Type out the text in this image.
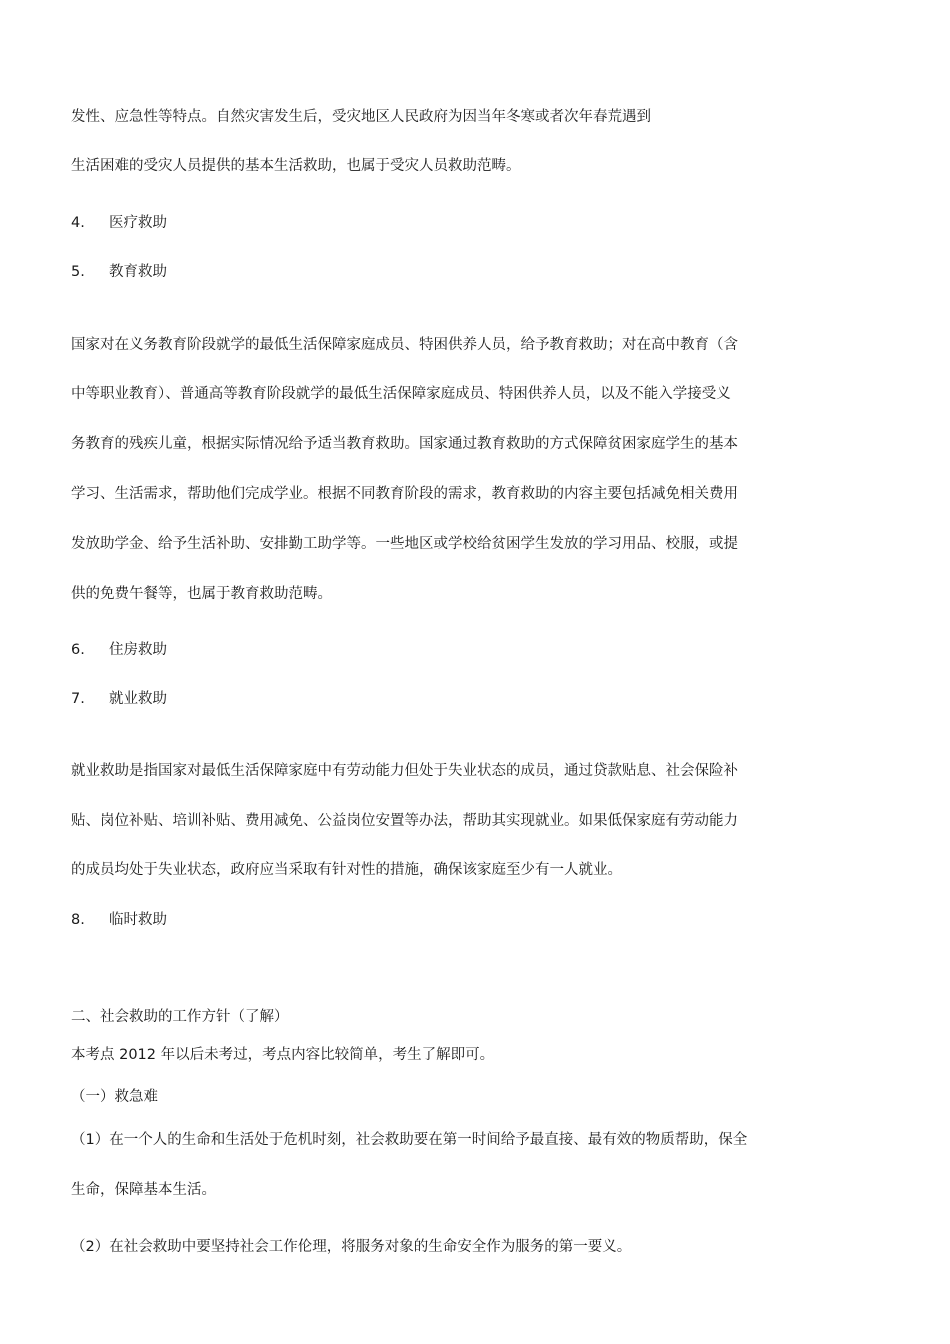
发性、应急性等特点。自然灾害发生后，受灾地区人民政府为因当年冬寒或者次年春荒遇到
生活困难的受灾人员提供的基本生活救助，也属于受灾人员救助范畴。
4. 医疗救助
5. 教育救助
国家对在义务教育阶段就学的最低生活保障家庭成员、特困供养人员，给予教育救助；对在高中教育（含
中等职业教育）、普通高等教育阶段就学的最低生活保障家庭成员、特困供养人员，以及不能入学接受义
务教育的残疾儿童，根据实际情况给予适当教育救助。国家通过教育救助的方式保障贫困家庭学生的基本
学习、生活需求，帮助他们完成学业。根据不同教育阶段的需求，教育救助的内容主要包括减免相关费用
发放助学金、给予生活补助、安排勤工助学等。一些地区或学校给贫困学生发放的学习用品、校服，或提
供的免费午餐等，也属于教育救助范畴。
6. 住房救助
7. 就业救助
就业救助是指国家对最低生活保障家庭中有劳动能力但处于失业状态的成员，通过贷款贴息、社会保险补
贴、岗位补贴、培训补贴、费用减免、公益岗位安置等办法，帮助其实现就业。如果低保家庭有劳动能力
的成员均处于失业状态，政府应当采取有针对性的措施，确保该家庭至少有一人就业。
8. 临时救助
二、社会救助的工作方针（了解）
本考点 2012 年以后未考过，考点内容比较简单，考生了解即可。
（一）救急难
（1）在一个人的生命和生活处于危机时刻，社会救助要在第一时间给予最直接、最有效的物质帮助，保全
生命，保障基本生活。
（2）在社会救助中要坚持社会工作伦理，将服务对象的生命安全作为服务的第一要义。
